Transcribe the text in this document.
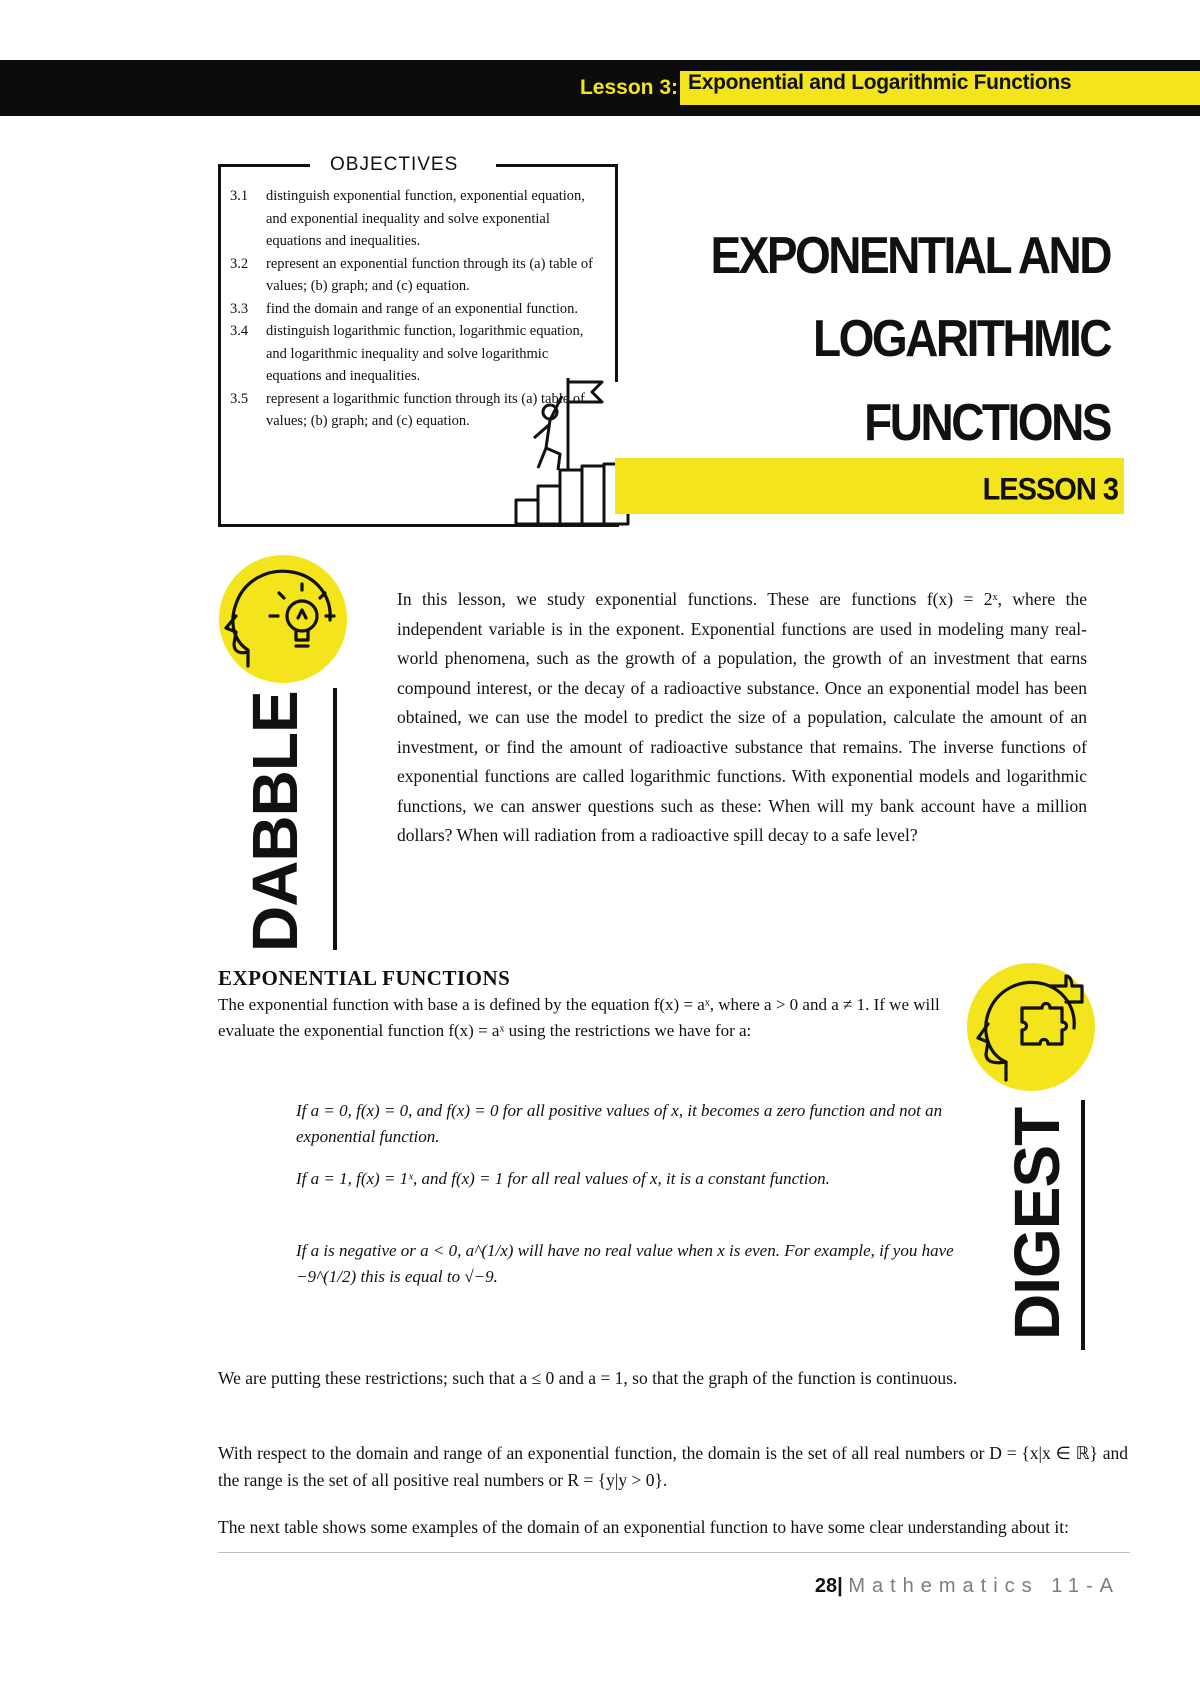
Lesson 3: Exponential and Logarithmic Functions
OBJECTIVES
3.1 distinguish exponential function, exponential equation, and exponential inequality and solve exponential equations and inequalities.
3.2 represent an exponential function through its (a) table of values; (b) graph; and (c) equation.
3.3 find the domain and range of an exponential function.
3.4 distinguish logarithmic function, logarithmic equation, and logarithmic inequality and solve logarithmic equations and inequalities.
3.5 represent a logarithmic function through its (a) table of values; (b) graph; and (c) equation.
EXPONENTIAL AND
LOGARITHMIC
FUNCTIONS
LESSON 3
DABBLE

In this lesson, we study exponential functions. These are functions f(x) = 2ˣ, where the independent variable is in the exponent. Exponential functions are used in modeling many real-world phenomena, such as the growth of a population, the growth of an investment that earns compound interest, or the decay of a radioactive substance. Once an exponential model has been obtained, we can use the model to predict the size of a population, calculate the amount of an investment, or find the amount of radioactive substance that remains. The inverse functions of exponential functions are called logarithmic functions. With exponential models and logarithmic functions, we can answer questions such as these: When will my bank account have a million dollars? When will radiation from a radioactive spill decay to a safe level?

EXPONENTIAL FUNCTIONS

The exponential function with base a is defined by the equation f(x) = aˣ, where a > 0 and a ≠ 1. If we will evaluate the exponential function f(x) = aˣ using the restrictions we have for a:

If a = 0, f(x) = 0, and f(x) = 0 for all positive values of x, it becomes a zero function and not an exponential function.

If a = 1, f(x) = 1ˣ, and f(x) = 1 for all real values of x, it is a constant function.

If a is negative or a < 0, a^(1/x) will have no real value when x is even. For example, if you have −9^(1/2) this is equal to √−9.	DIGEST

We are putting these restrictions; such that a ≤ 0 and a = 1, so that the graph of the function is continuous.

With respect to the domain and range of an exponential function, the domain is the set of all real numbers or D = {x|x ∈ ℝ} and the range is the set of all positive real numbers or R = {y|y > 0}.

The next table shows some examples of the domain of an exponential function to have some clear understanding about it:

28| Mathematics 11-A
